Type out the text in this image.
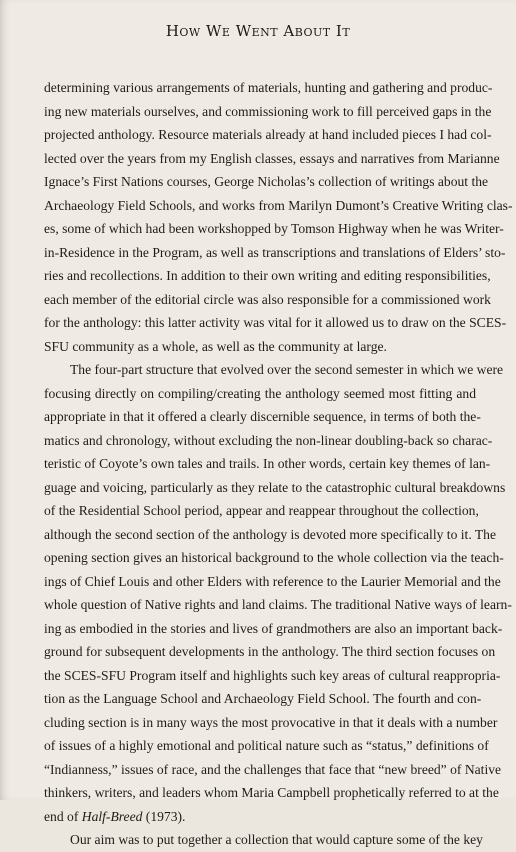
How We Went About It

determining various arrangements of materials, hunting and gathering and produc-
ing new materials ourselves, and commissioning work to fill perceived gaps in the
projected anthology. Resource materials already at hand included pieces I had col-
lected over the years from my English classes, essays and narratives from Marianne
Ignace’s First Nations courses, George Nicholas’s collection of writings about the
Archaeology Field Schools, and works from Marilyn Dumont’s Creative Writing clas-
es, some of which had been workshopped by Tomson Highway when he was Writer-
in-Residence in the Program, as well as transcriptions and translations of Elders’ sto-
ries and recollections. In addition to their own writing and editing responsibilities,
each member of the editorial circle was also responsible for a commissioned work
for the anthology: this latter activity was vital for it allowed us to draw on the SCES-
SFU community as a whole, as well as the community at large.

The four-part structure that evolved over the second semester in which we were
focusing directly on compiling/creating the anthology seemed most fitting and
appropriate in that it offered a clearly discernible sequence, in terms of both the-
matics and chronology, without excluding the non-linear doubling-back so charac-
teristic of Coyote’s own tales and trails. In other words, certain key themes of lan-
guage and voicing, particularly as they relate to the catastrophic cultural breakdowns
of the Residential School period, appear and reappear throughout the collection,
although the second section of the anthology is devoted more specifically to it. The
opening section gives an historical background to the whole collection via the teach-
ings of Chief Louis and other Elders with reference to the Laurier Memorial and the
whole question of Native rights and land claims. The traditional Native ways of learn-
ing as embodied in the stories and lives of grandmothers are also an important back-
ground for subsequent developments in the anthology. The third section focuses on
the SCES-SFU Program itself and highlights such key areas of cultural reappropria-
tion as the Language School and Archaeology Field School. The fourth and con-
cluding section is in many ways the most provocative in that it deals with a number
of issues of a highly emotional and political nature such as “status,” definitions of
“Indianness,” issues of race, and the challenges that face that “new breed” of Native
thinkers, writers, and leaders whom Maria Campbell prophetically referred to at the
end of Half-Breed (1973).

Our aim was to put together a collection that would capture some of the key
